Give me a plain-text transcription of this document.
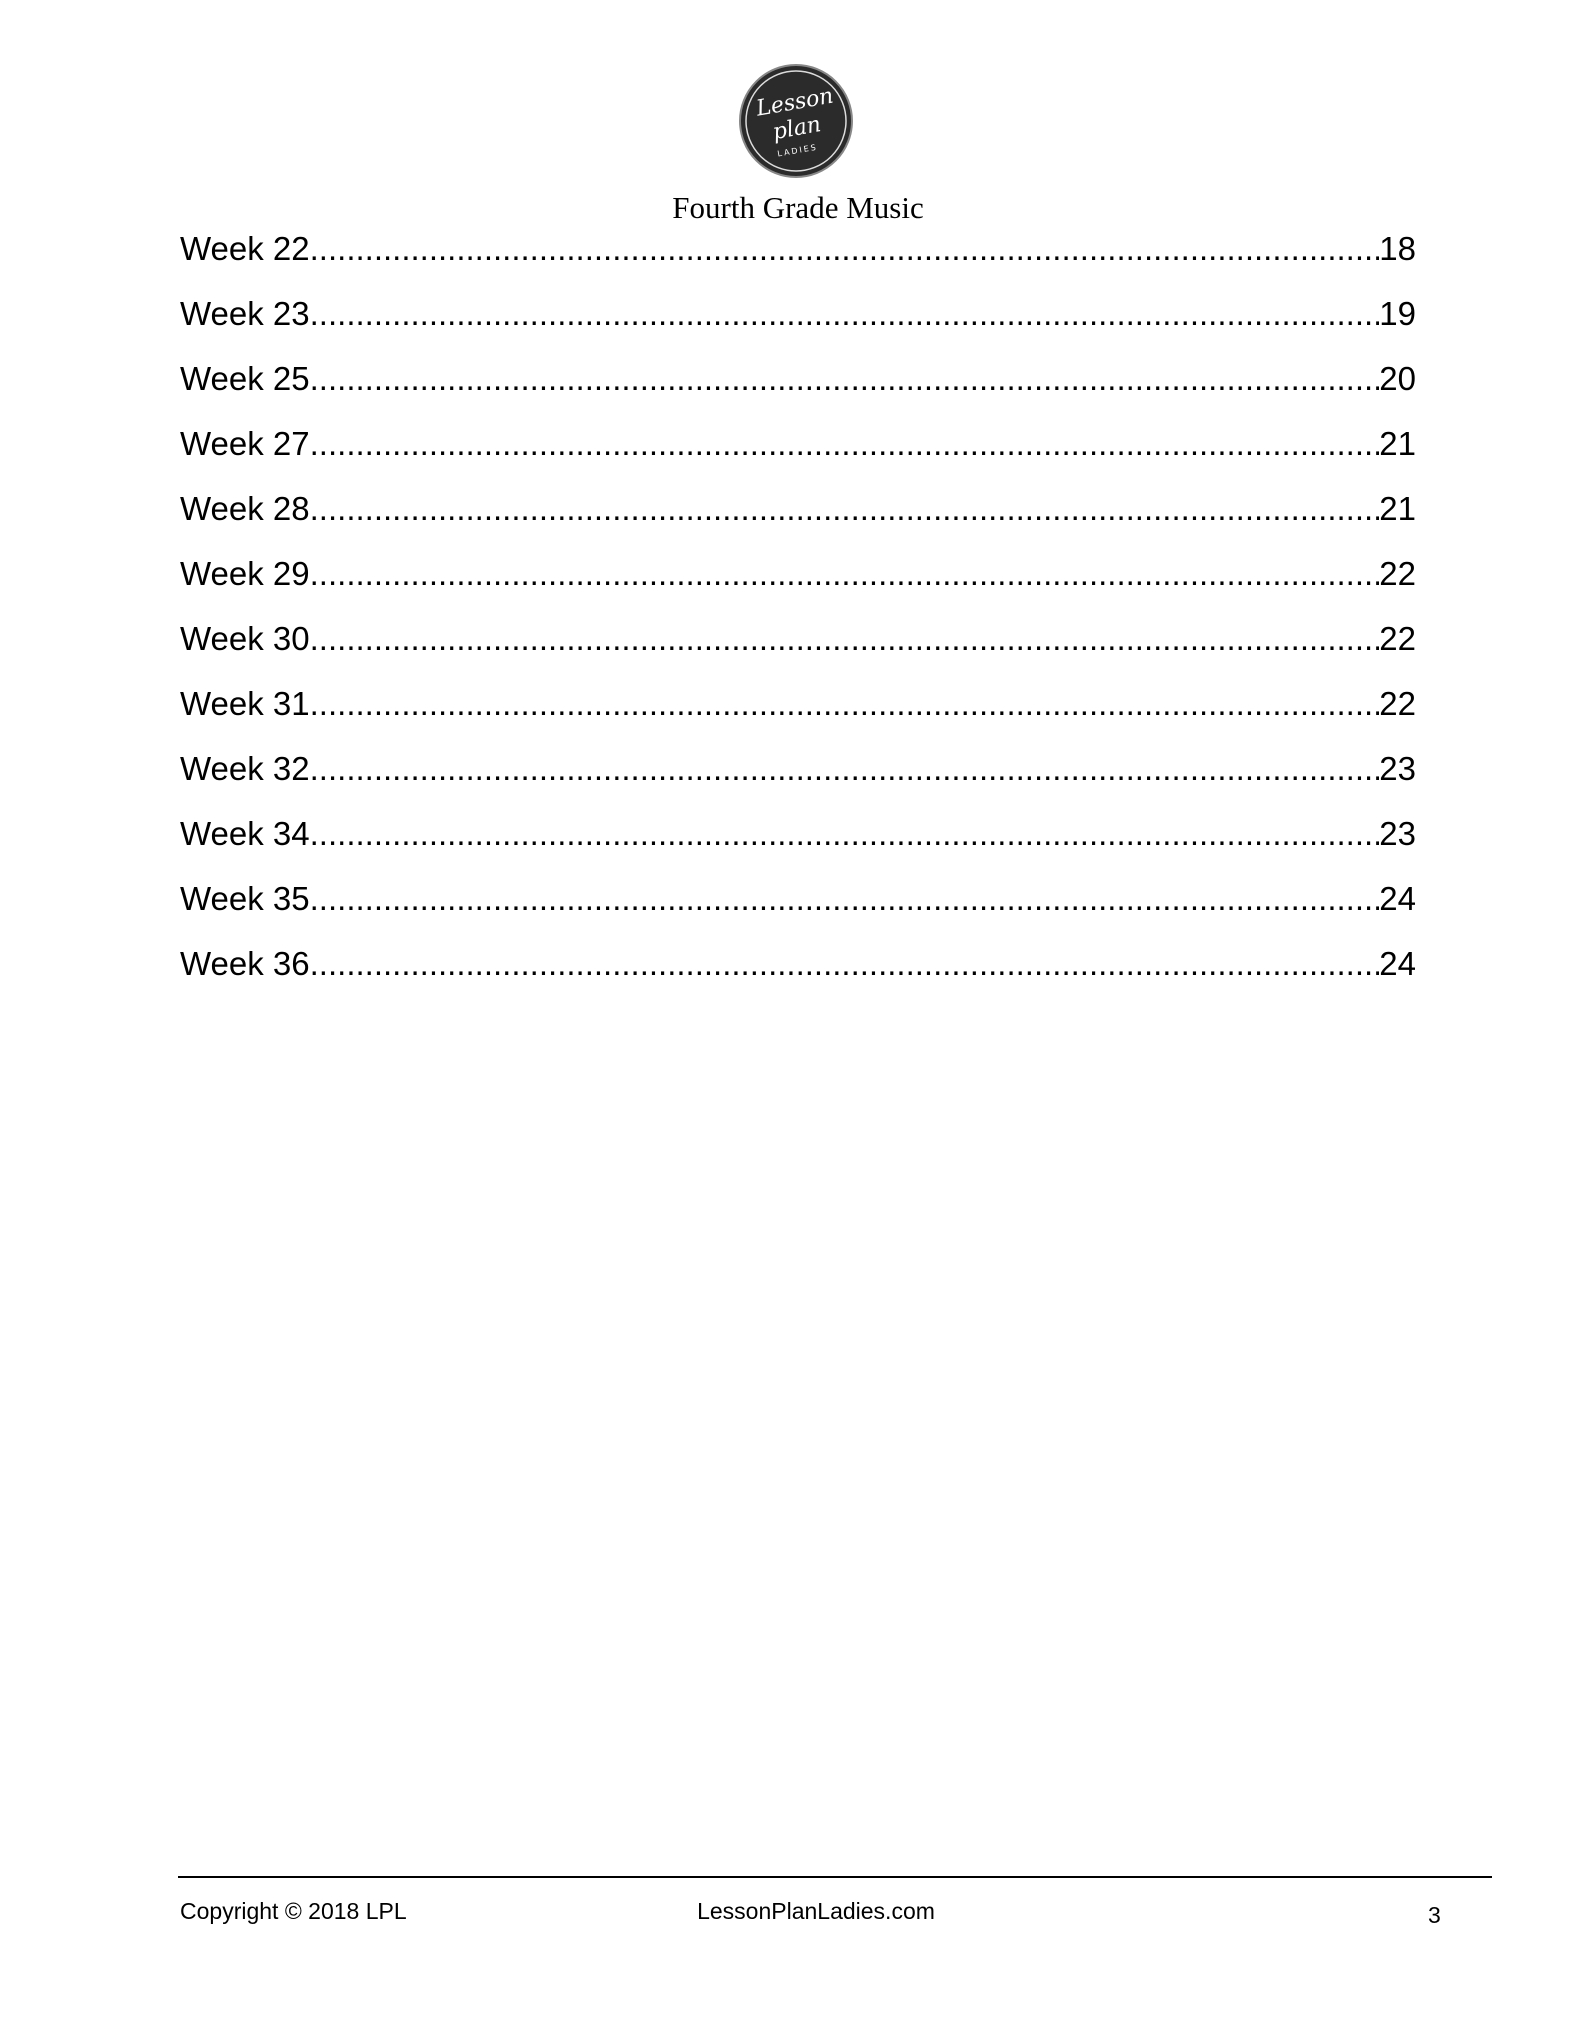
Lesson
plan
LADIES
Fourth Grade Music
Week 22 .....	18
Week 23 .....	19
Week 25 .....	20
Week 27 .....	21
Week 28 .....	21
Week 29 .....	22
Week 30 .....	22
Week 31 .....	22
Week 32 .....	23
Week 34 .....	23
Week 35 .....	24
Week 36 .....	24
Copyright © 2018 LPL	LessonPlanLadies.com	3
